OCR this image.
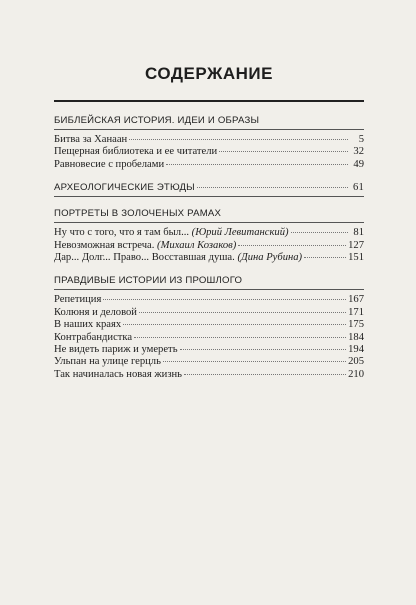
СОДЕРЖАНИЕ
БИБЛЕЙСКАЯ ИСТОРИЯ. ИДЕИ И ОБРАЗЫ
Битва за Ханаан	5
Пещерная библиотека и ее читатели	32
Равновесие с пробелами	49
АРХЕОЛОГИЧЕСКИЕ ЭТЮДЫ	61
ПОРТРЕТЫ В ЗОЛОЧЕНЫХ РАМАХ
Ну что с того, что я там был... (Юрий Левитанский)	81
Невозможная встреча. (Михаил Козаков)	127
Дар... Долг... Право... Восставшая душа. (Дина Рубина)	151
ПРАВДИВЫЕ ИСТОРИИ ИЗ ПРОШЛОГО
Репетиция	167
Колюня и деловой	171
В наших краях	175
Контрабандистка	184
Не видеть париж и умереть	194
Ульпан на улице герцль	205
Так начиналась новая жизнь	210
